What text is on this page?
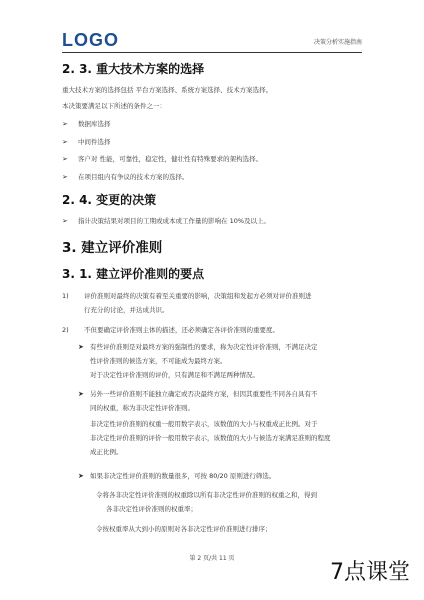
LOGO	决策分析实施指南
2. 3. 重大技术方案的选择
重大技术方案的选择包括 平台方案选择、系统方案选择、技术方案选择。
本决策要满足以下所述的条件之一：
➢	数据库选择
➢	中间件选择
➢	客户对 性能，可靠性，稳定性，健壮性有特殊要求的架构选择。
➢	在项目组内有争议的技术方案的选择。
2. 4. 变更的决策
➢	指计决策结果对项目的工期或成本或工作量的影响在 10%及以上。
3. 建立评价准则
3. 1. 建立评价准则的要点
1)	评价准则对最终的决策有着至关重要的影响，决策组和发起方必须对评价准则进
行充分的讨论，并达成共识。
2)	不但要确定评价准则主体的描述，还必须确定各评价准则的重要度。
➤ 有些评价准则是对最终方案的强制性的要求，称为决定性评价准则，不满足决定
性评价准则的候选方案，不可能成为最终方案。
对于决定性评价准则的评价，只有满足和不满足两种情况。
➤ 另外一些评价准则不能独立确定或否决最终方案，但因其重要性不同各自具有不
同的权重，称为非决定性评价准则。
非决定性评价准则的权重一般用数字表示，该数值的大小与权重成正比例。对于
非决定性评价准则的评价一般用数字表示，该数值的大小与候选方案满足准则的程度
成正比例。
➤ 如果非决定性评价准则的数量很多，可按 80/20 原则进行筛选。
令将各非决定性评价准则的权重除以所有非决定性评价准则的权重之和，得到
各非决定性评价准则的权重率；
令按权重率从大到小的原则对各非决定性评价准则进行排序；
第 2 页/共 11 页
7点课堂
